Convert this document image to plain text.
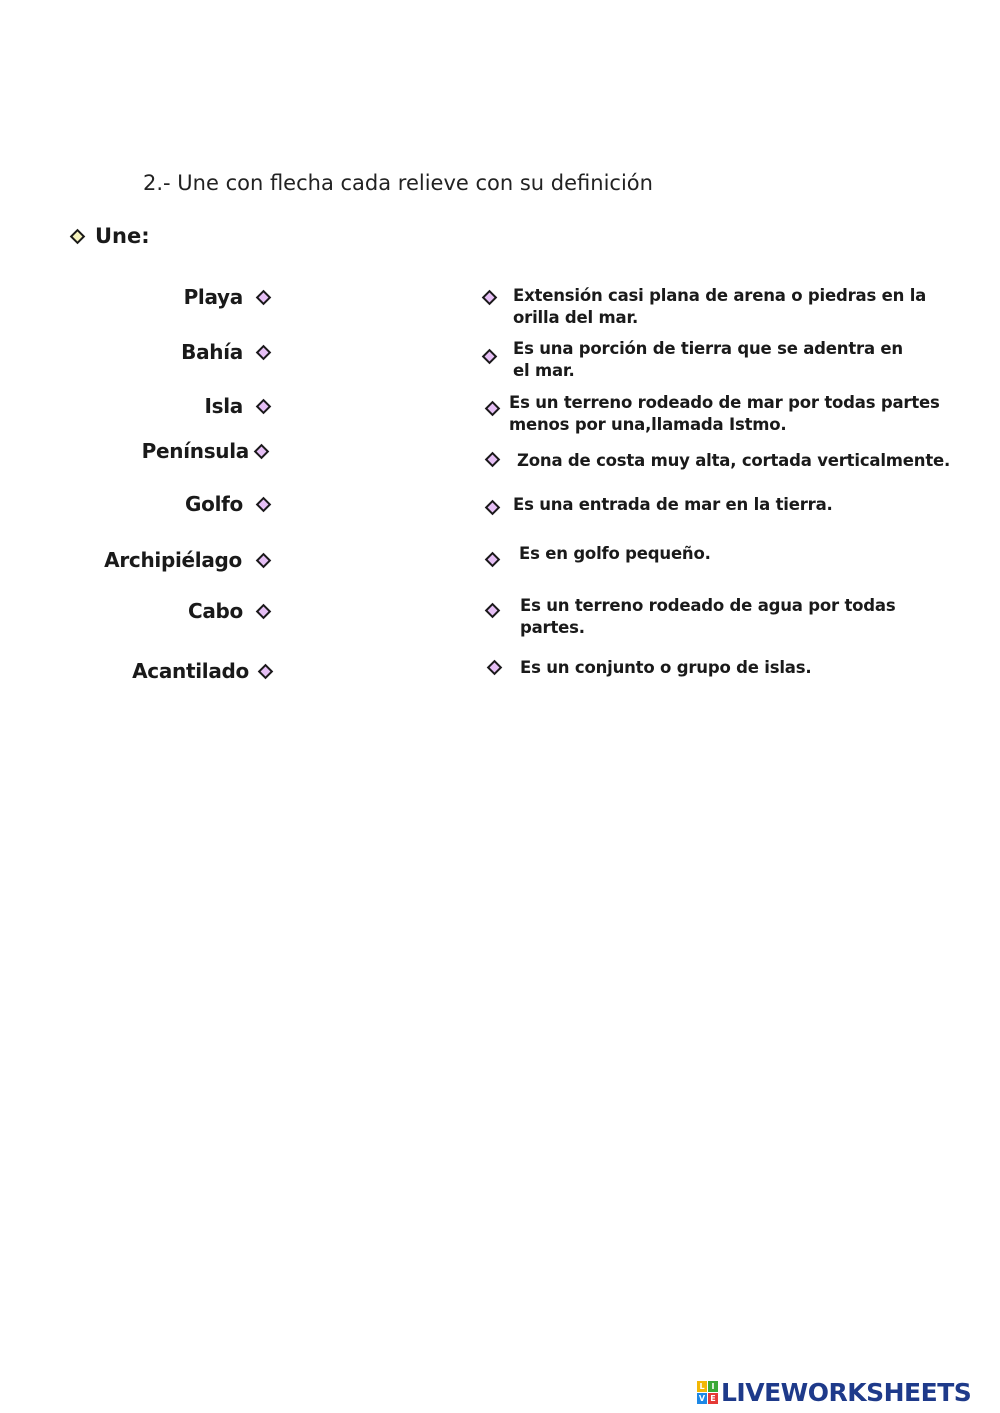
2.- Une con flecha cada relieve con su definición
Une:
Playa
Bahía
Isla
Península
Golfo
Archipiélago
Cabo
Acantilado
Extensión casi plana de arena o piedras en la
orilla del mar.
Es una porción de tierra que se adentra en
el mar.
Es un terreno rodeado de mar por todas partes
menos por una,llamada Istmo.
Zona de costa muy alta, cortada verticalmente.
Es una entrada de mar en la tierra.
Es en golfo pequeño.
Es un terreno rodeado de agua por todas
partes.
Es un conjunto o grupo de islas.
L I
V E LIVEWORKSHEETS
